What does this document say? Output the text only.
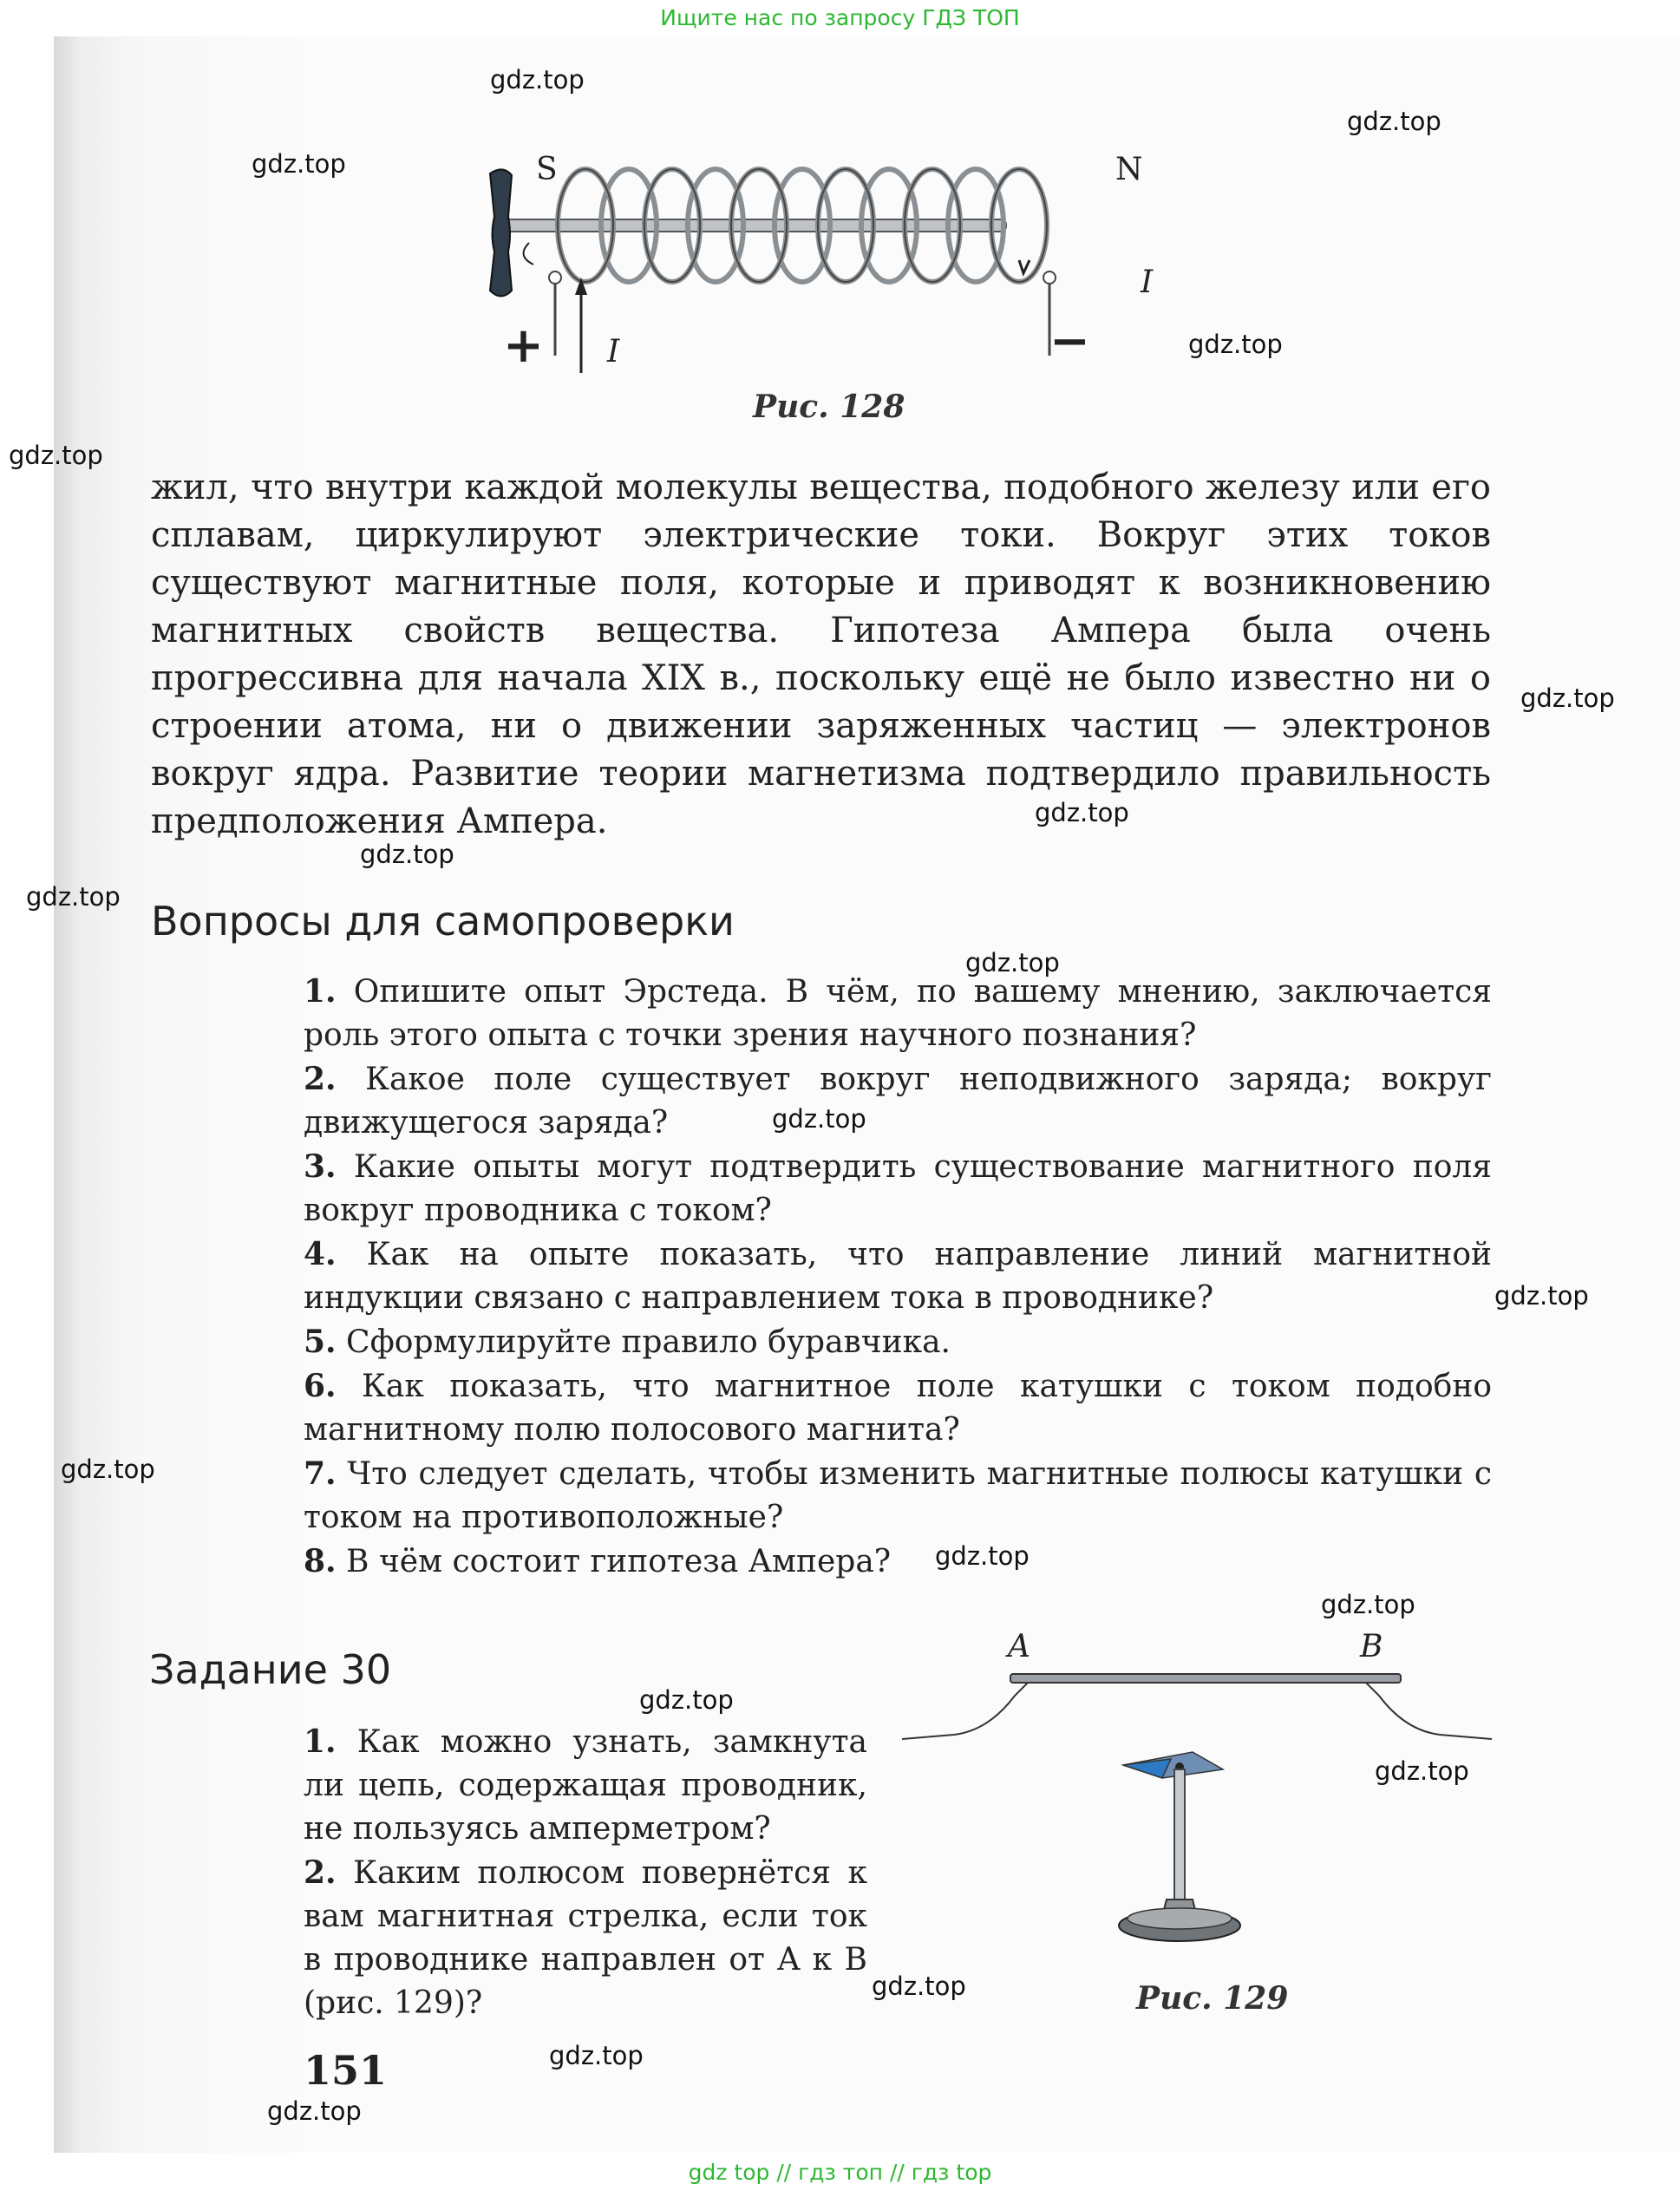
Ищите нас по запросу ГДЗ ТОП
S	N
+	−
I
I
Рис. 128
жил, что внутри каждой молекулы вещества, подобного железу или его сплавам, циркулируют электрические токи. Вокруг этих токов существуют магнитные поля, которые и приводят к возникновению магнитных свойств вещества. Гипотеза Ампера была очень прогрессивна для начала XIX в., поскольку ещё не было известно ни о строении атома, ни о движении заряженных частиц — электронов вокруг ядра. Развитие теории магнетизма подтвердило правильность предположения Ампера.
Вопросы для самопроверки

1. Опишите опыт Эрстеда. В чём, по вашему мнению, заключается роль этого опыта с точки зрения научного познания?

2. Какое поле существует вокруг неподвижного заряда; вокруг движущегося заряда?

3. Какие опыты могут подтвердить существование магнитного поля вокруг проводника с током?

4. Как на опыте показать, что направление линий магнитной индукции связано с направлением тока в проводнике?

5. Сформулируйте правило буравчика.

6. Как показать, что магнитное поле катушки с током подобно магнитному полю полосового магнита?

7. Что следует сделать, чтобы изменить магнитные полюсы катушки с током на противоположные?

8. В чём состоит гипотеза Ампера?

Задание 30

1. Как можно узнать, замкнута ли цепь, содержащая проводник, не пользуясь амперметром?

2. Каким полюсом повернётся к вам магнитная стрелка, если ток в проводнике направлен от A к B (рис. 129)?

A	B
Рис. 129
151
gdz.top
gdz.top
gdz.top
gdz.top
gdz.top
gdz.top
gdz.top
gdz.top
gdz.top
gdz.top
gdz.top
gdz.top
gdz.top
gdz.top
gdz.top
gdz.top
gdz.top
gdz.top
gdz.top
gdz.top
gdz top // гдз топ // гдз top
